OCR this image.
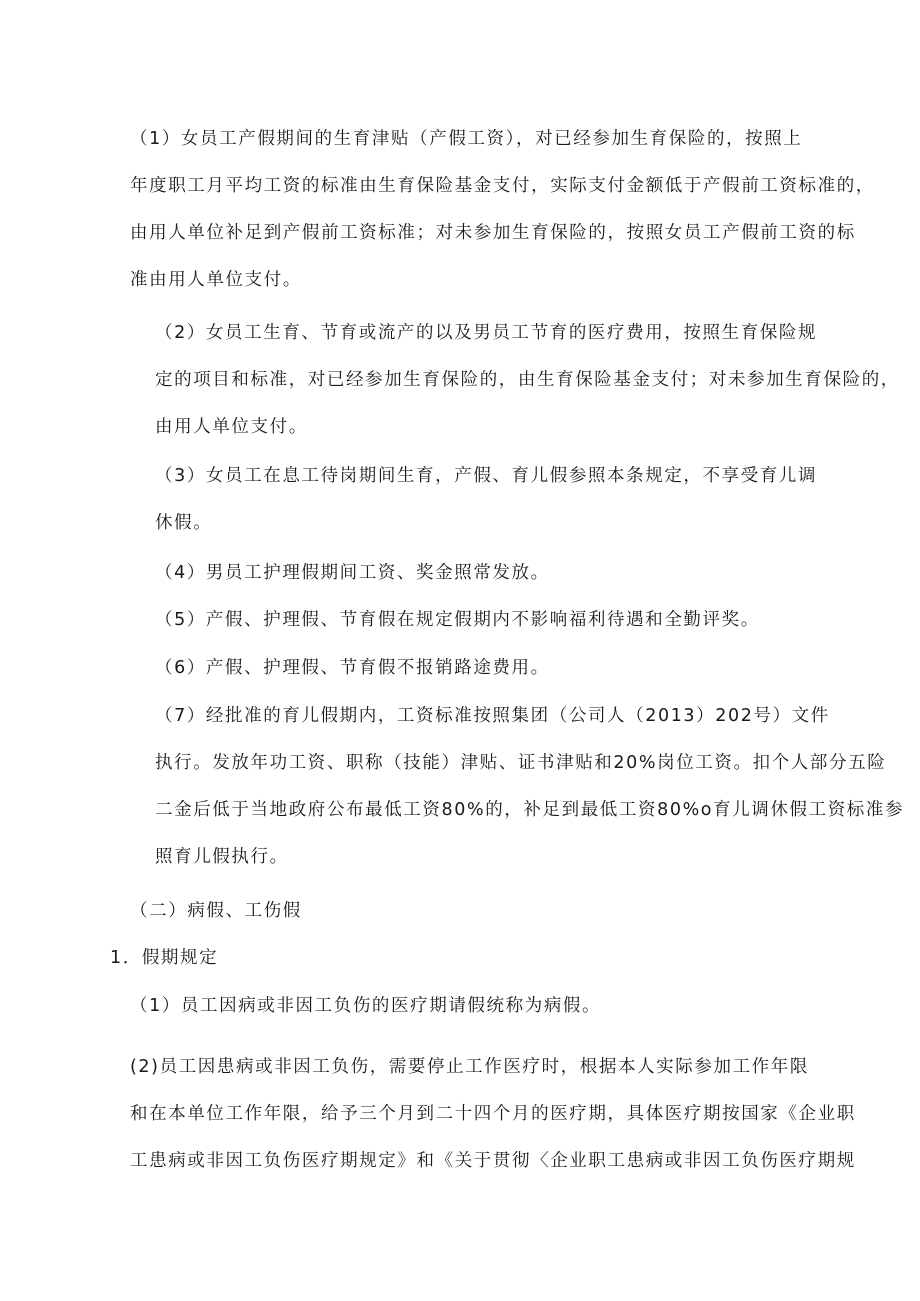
（1）女员工产假期间的生育津贴（产假工资），对已经参加生育保险的，按照上
年度职工月平均工资的标准由生育保险基金支付，实际支付金额低于产假前工资标准的，
由用人单位补足到产假前工资标准；对未参加生育保险的，按照女员工产假前工资的标
准由用人单位支付。
（2）女员工生育、节育或流产的以及男员工节育的医疗费用，按照生育保险规
定的项目和标准，对已经参加生育保险的，由生育保险基金支付；对未参加生育保险的，
由用人单位支付。
（3）女员工在息工待岗期间生育，产假、育儿假参照本条规定，不享受育儿调
休假。
（4）男员工护理假期间工资、奖金照常发放。
（5）产假、护理假、节育假在规定假期内不影响福利待遇和全勤评奖。
（6）产假、护理假、节育假不报销路途费用。
（7）经批准的育儿假期内，工资标准按照集团（公司人（2013）202号）文件
执行。发放年功工资、职称（技能）津贴、证书津贴和20%岗位工资。扣个人部分五险
二金后低于当地政府公布最低工资80%的，补足到最低工资80%o育儿调休假工资标准参
照育儿假执行。
（二）病假、工伤假
1．假期规定
（1）员工因病或非因工负伤的医疗期请假统称为病假。
(2)员工因患病或非因工负伤，需要停止工作医疗时，根据本人实际参加工作年限
和在本单位工作年限，给予三个月到二十四个月的医疗期，具体医疗期按国家《企业职
工患病或非因工负伤医疗期规定》和《关于贯彻〈企业职工患病或非因工负伤医疗期规
